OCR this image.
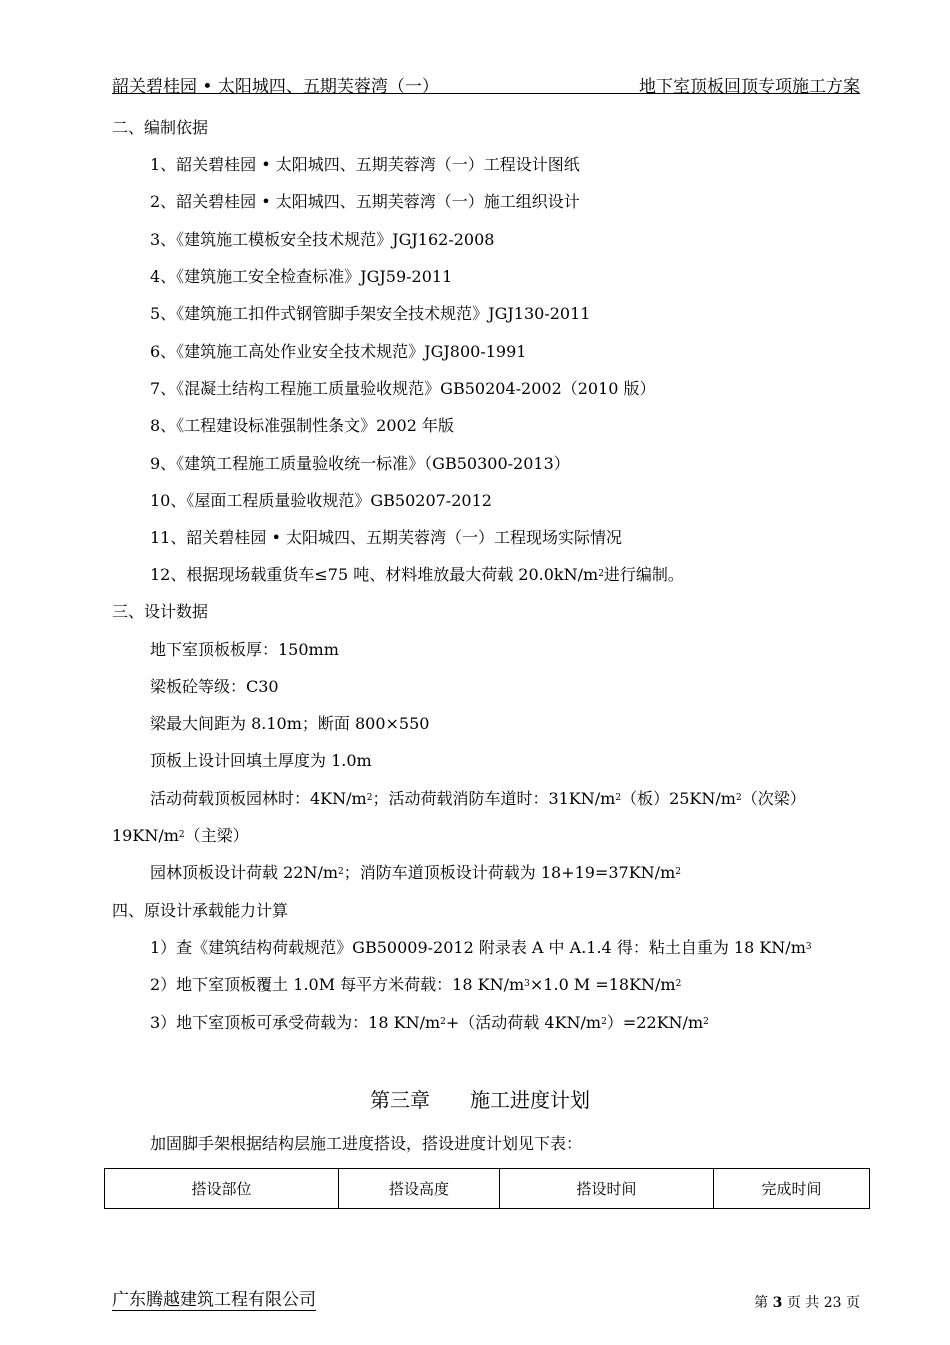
韶关碧桂园 • 太阳城四、五期芙蓉湾（一）	地下室顶板回顶专项施工方案
二、编制依据
1、韶关碧桂园 • 太阳城四、五期芙蓉湾（一）工程设计图纸
2、韶关碧桂园 • 太阳城四、五期芙蓉湾（一）施工组织设计
3、《建筑施工模板安全技术规范》JGJ162-2008
4、《建筑施工安全检查标准》JGJ59-2011
5、《建筑施工扣件式钢管脚手架安全技术规范》JGJ130-2011
6、《建筑施工高处作业安全技术规范》JGJ800-1991
7、《混凝土结构工程施工质量验收规范》GB50204-2002（2010 版）
8、《工程建设标准强制性条文》2002 年版
9、《建筑工程施工质量验收统一标准》（GB50300-2013）
10、《屋面工程质量验收规范》GB50207-2012
11、韶关碧桂园 • 太阳城四、五期芙蓉湾（一）工程现场实际情况
12、根据现场载重货车≤75 吨、材料堆放最大荷载 $20.0kN/m^2$进行编制。
三、设计数据
地下室顶板板厚：150mm
梁板砼等级：C30
梁最大间距为 8.10m；断面 800×550
顶板上设计回填土厚度为 1.0m
活动荷载顶板园林时：$4KN/m^2$；活动荷载消防车道时：$31KN/m^2$（板）$25KN/m^2$（次梁）
$19KN/m^2$（主梁）
园林顶板设计荷载 $22N/m^2$；消防车道顶板设计荷载为 $18+19=37KN/m^2$
四、原设计承载能力计算
1）查《建筑结构荷载规范》GB50009-2012 附录表 A 中 A.1.4 得：粘土自重为 18 $KN/m^3$
2）地下室顶板覆土 1.0M 每平方米荷载：18 $KN/m^3\times 1.0$ $M =18KN/m^2$
3）地下室顶板可承受荷载为：18 $KN/m^2+$（活动荷载 $4KN/m^2)=22KN/m^2$
第三章 施工进度计划
加固脚手架根据结构层施工进度搭设，搭设进度计划见下表：
搭设部位	搭设高度	搭设时间	完成时间
广东腾越建筑工程有限公司	第 3 页 共 23 页
